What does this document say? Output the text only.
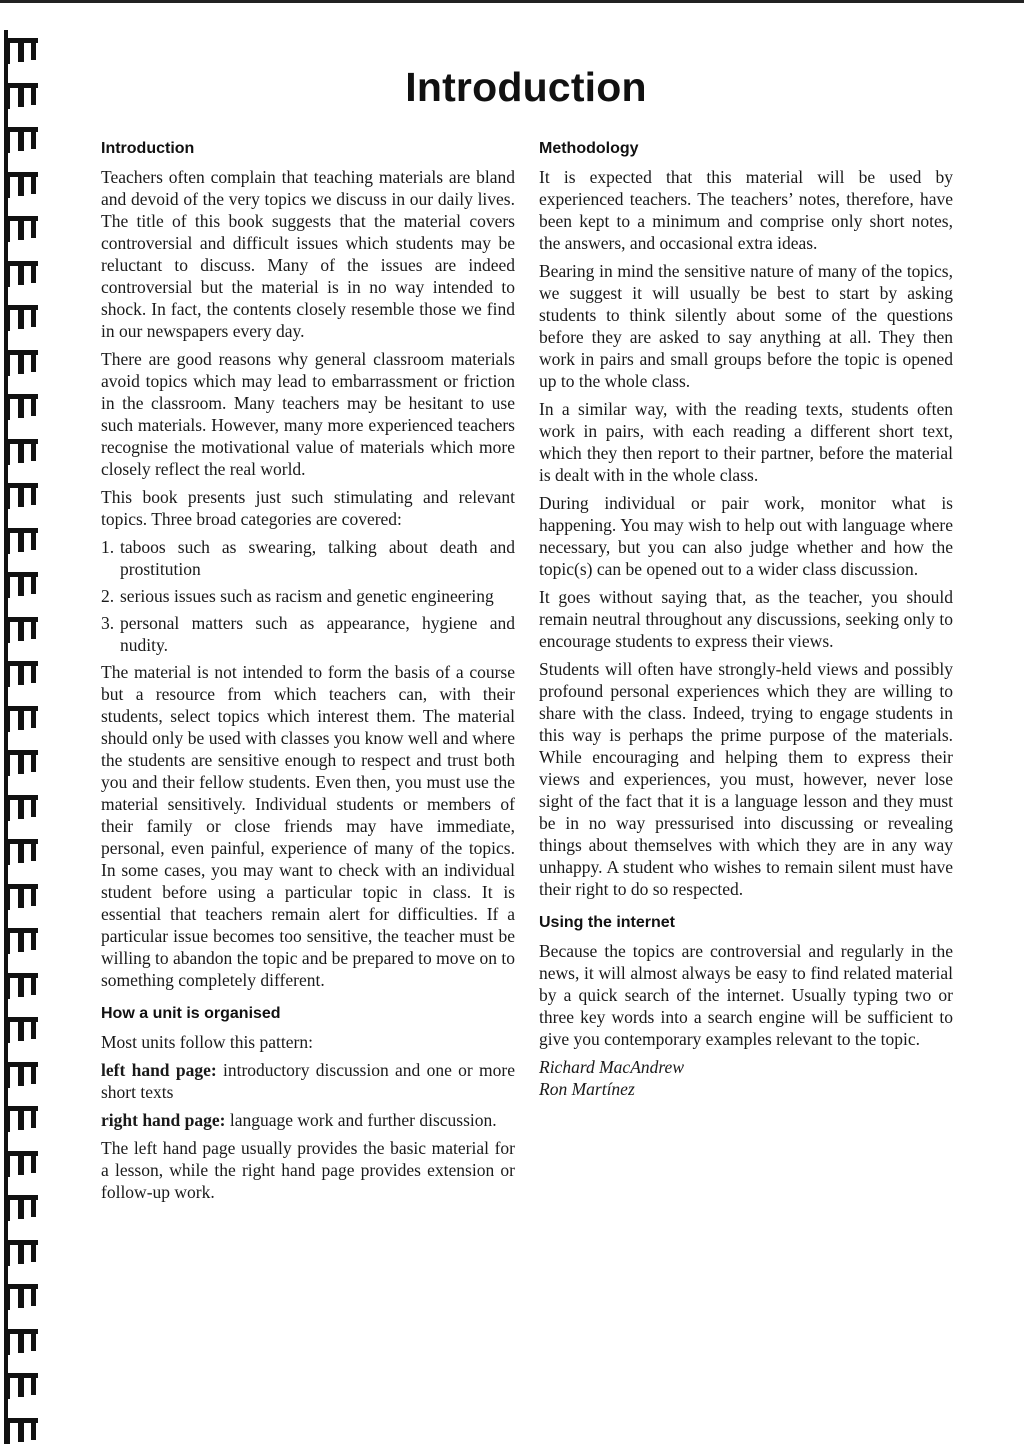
Introduction
Introduction

Teachers often complain that teaching materials are bland and devoid of the very topics we discuss in our daily lives. The title of this book suggests that the material covers controversial and difficult issues which students may be reluctant to discuss. Many of the issues are indeed controversial but the material is in no way intended to shock. In fact, the contents closely resemble those we find in our newspapers every day.

There are good reasons why general classroom materials avoid topics which may lead to embarrassment or friction in the classroom. Many teachers may be hesitant to use such materials. However, many more experienced teachers recognise the motivational value of materials which more closely reflect the real world.

This book presents just such stimulating and relevant topics. Three broad categories are covered:

1. taboos such as swearing, talking about death and prostitution
2. serious issues such as racism and genetic engineering
3. personal matters such as appearance, hygiene and nudity.

The material is not intended to form the basis of a course but a resource from which teachers can, with their students, select topics which interest them. The material should only be used with classes you know well and where the students are sensitive enough to respect and trust both you and their fellow students. Even then, you must use the material sensitively. Individual students or members of their family or close friends may have immediate, personal, even painful, experience of many of the topics. In some cases, you may want to check with an individual student before using a particular topic in class. It is essential that teachers remain alert for difficulties. If a particular issue becomes too sensitive, the teacher must be willing to abandon the topic and be prepared to move on to something completely different.

How a unit is organised

Most units follow this pattern:

left hand page: introductory discussion and one or more short texts

right hand page: language work and further discussion.

The left hand page usually provides the basic material for a lesson, while the right hand page provides extension or follow-up work.

Methodology

It is expected that this material will be used by experienced teachers. The teachers’ notes, therefore, have been kept to a minimum and comprise only short notes, the answers, and occasional extra ideas.

Bearing in mind the sensitive nature of many of the topics, we suggest it will usually be best to start by asking students to think silently about some of the questions before they are asked to say anything at all. They then work in pairs and small groups before the topic is opened up to the whole class.

In a similar way, with the reading texts, students often work in pairs, with each reading a different short text, which they then report to their partner, before the material is dealt with in the whole class.

During individual or pair work, monitor what is happening. You may wish to help out with language where necessary, but you can also judge whether and how the topic(s) can be opened out to a wider class discussion.

It goes without saying that, as the teacher, you should remain neutral throughout any discussions, seeking only to encourage students to express their views.

Students will often have strongly-held views and possibly profound personal experiences which they are willing to share with the class. Indeed, trying to engage students in this way is perhaps the prime purpose of the materials. While encouraging and helping them to express their views and experiences, you must, however, never lose sight of the fact that it is a language lesson and they must be in no way pressurised into discussing or revealing things about themselves with which they are in any way unhappy. A student who wishes to remain silent must have their right to do so respected.

Using the internet

Because the topics are controversial and regularly in the news, it will almost always be easy to find related material by a quick search of the internet. Usually typing two or three key words into a search engine will be sufficient to give you contemporary examples relevant to the topic.

Richard MacAndrew

Ron Martínez
